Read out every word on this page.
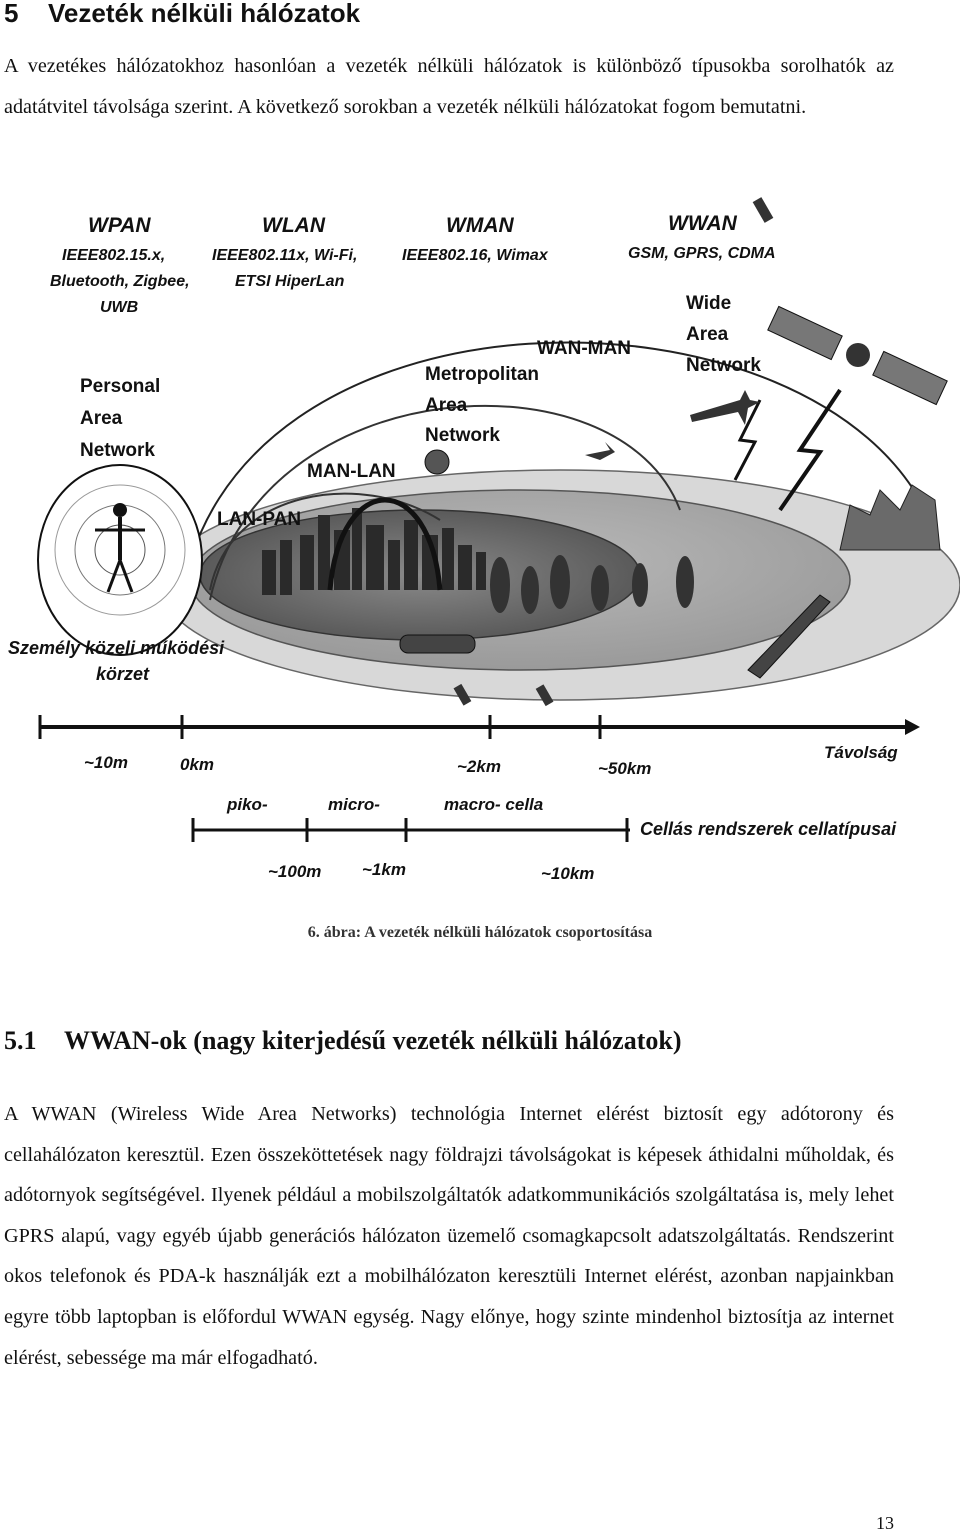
5 Vezeték nélküli hálózatok
A vezetékes hálózatokhoz hasonlóan a vezeték nélküli hálózatok is különböző típusokba sorolhatók az adatátvitel távolsága szerint. A következő sorokban a vezeték nélküli hálózatokat fogom bemutatni.
WPAN
IEEE802.15.x,
Bluetooth, Zigbee,
UWB
WLAN
IEEE802.11x, Wi-Fi,
ETSI HiperLan
WMAN
IEEE802.16, Wimax
WWAN
GSM, GPRS, CDMA
Personal
Area
Network
Wide
Area
Network
Metropolitan
Area
Network
WAN-MAN
MAN-LAN
LAN-PAN
Személy közeli működési
körzet
~10m	0km	~2km	~50km
Távolság
piko-	micro-	macro- cella
Cellás rendszerek cellatípusai
~100m ~1km	~10km
6. ábra: A vezeték nélküli hálózatok csoportosítása
5.1 WWAN-ok (nagy kiterjedésű vezeték nélküli hálózatok)
A WWAN (Wireless Wide Area Networks) technológia Internet elérést biztosít egy adótorony és cellahálózaton keresztül. Ezen összeköttetések nagy földrajzi távolságokat is képesek áthidalni műholdak, és adótornyok segítségével. Ilyenek például a mobilszolgáltatók adatkommunikációs szolgáltatása is, mely lehet GPRS alapú, vagy egyéb újabb generációs hálózaton üzemelő csomagkapcsolt adatszolgáltatás. Rendszerint okos telefonok és PDA-k használják ezt a mobilhálózaton keresztüli Internet elérést, azonban napjainkban egyre több laptopban is előfordul WWAN egység. Nagy előnye, hogy szinte mindenhol biztosítja az internet elérést, sebessége ma már elfogadható.
13
